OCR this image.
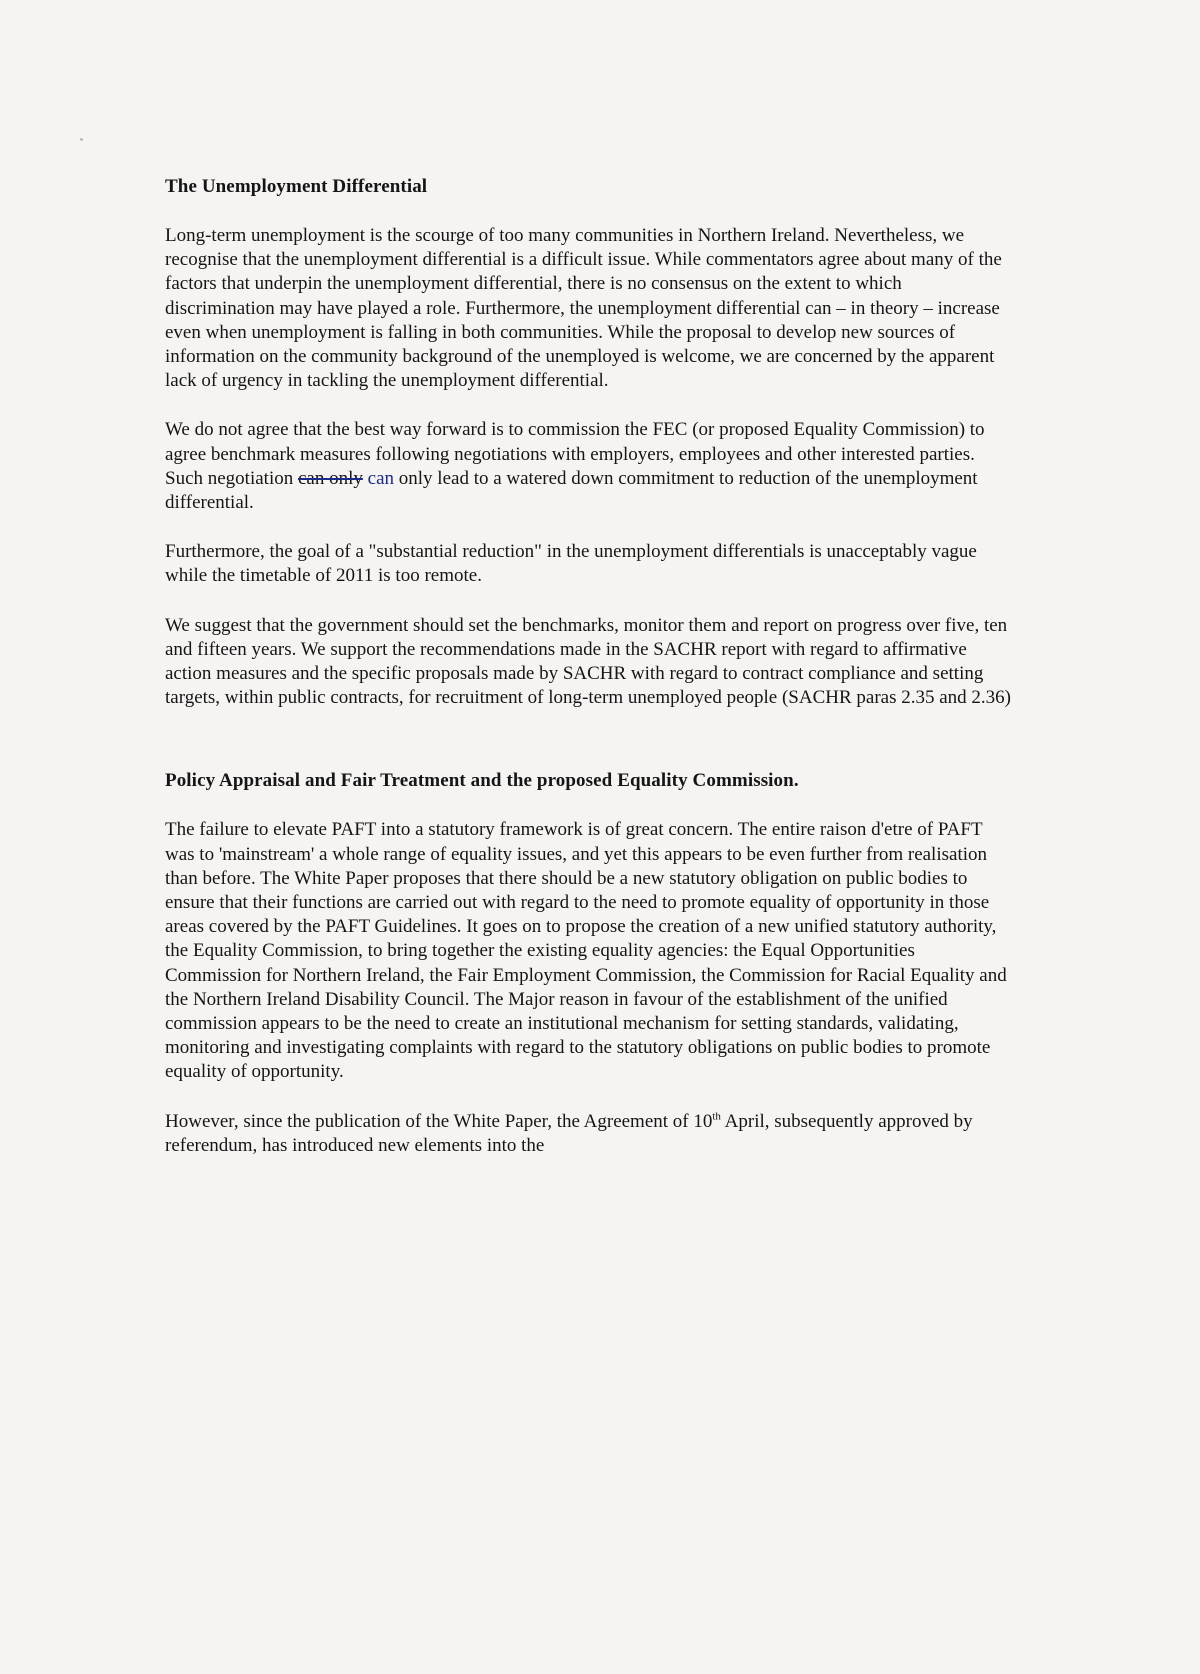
The Unemployment Differential

Long-term unemployment is the scourge of too many communities in Northern Ireland. Nevertheless, we recognise that the unemployment differential is a difficult issue. While commentators agree about many of the factors that underpin the unemployment differential, there is no consensus on the extent to which discrimination may have played a role. Furthermore, the unemployment differential can – in theory – increase even when unemployment is falling in both communities. While the proposal to develop new sources of information on the community background of the unemployed is welcome, we are concerned by the apparent lack of urgency in tackling the unemployment differential.

We do not agree that the best way forward is to commission the FEC (or proposed Equality Commission) to agree benchmark measures following negotiations with employers, employees and other interested parties. Such negotiation can only can only lead to a watered down commitment to reduction of the unemployment differential.

Furthermore, the goal of a "substantial reduction" in the unemployment differentials is unacceptably vague while the timetable of 2011 is too remote.

We suggest that the government should set the benchmarks, monitor them and report on progress over five, ten and fifteen years. We support the recommendations made in the SACHR report with regard to affirmative action measures and the specific proposals made by SACHR with regard to contract compliance and setting targets, within public contracts, for recruitment of long-term unemployed people (SACHR paras 2.35 and 2.36)

Policy Appraisal and Fair Treatment and the proposed Equality Commission.

The failure to elevate PAFT into a statutory framework is of great concern. The entire raison d'etre of PAFT was to 'mainstream' a whole range of equality issues, and yet this appears to be even further from realisation than before. The White Paper proposes that there should be a new statutory obligation on public bodies to ensure that their functions are carried out with regard to the need to promote equality of opportunity in those areas covered by the PAFT Guidelines. It goes on to propose the creation of a new unified statutory authority, the Equality Commission, to bring together the existing equality agencies: the Equal Opportunities Commission for Northern Ireland, the Fair Employment Commission, the Commission for Racial Equality and the Northern Ireland Disability Council. The Major reason in favour of the establishment of the unified commission appears to be the need to create an institutional mechanism for setting standards, validating, monitoring and investigating complaints with regard to the statutory obligations on public bodies to promote equality of opportunity.

However, since the publication of the White Paper, the Agreement of 10th April, subsequently approved by referendum, has introduced new elements into the
